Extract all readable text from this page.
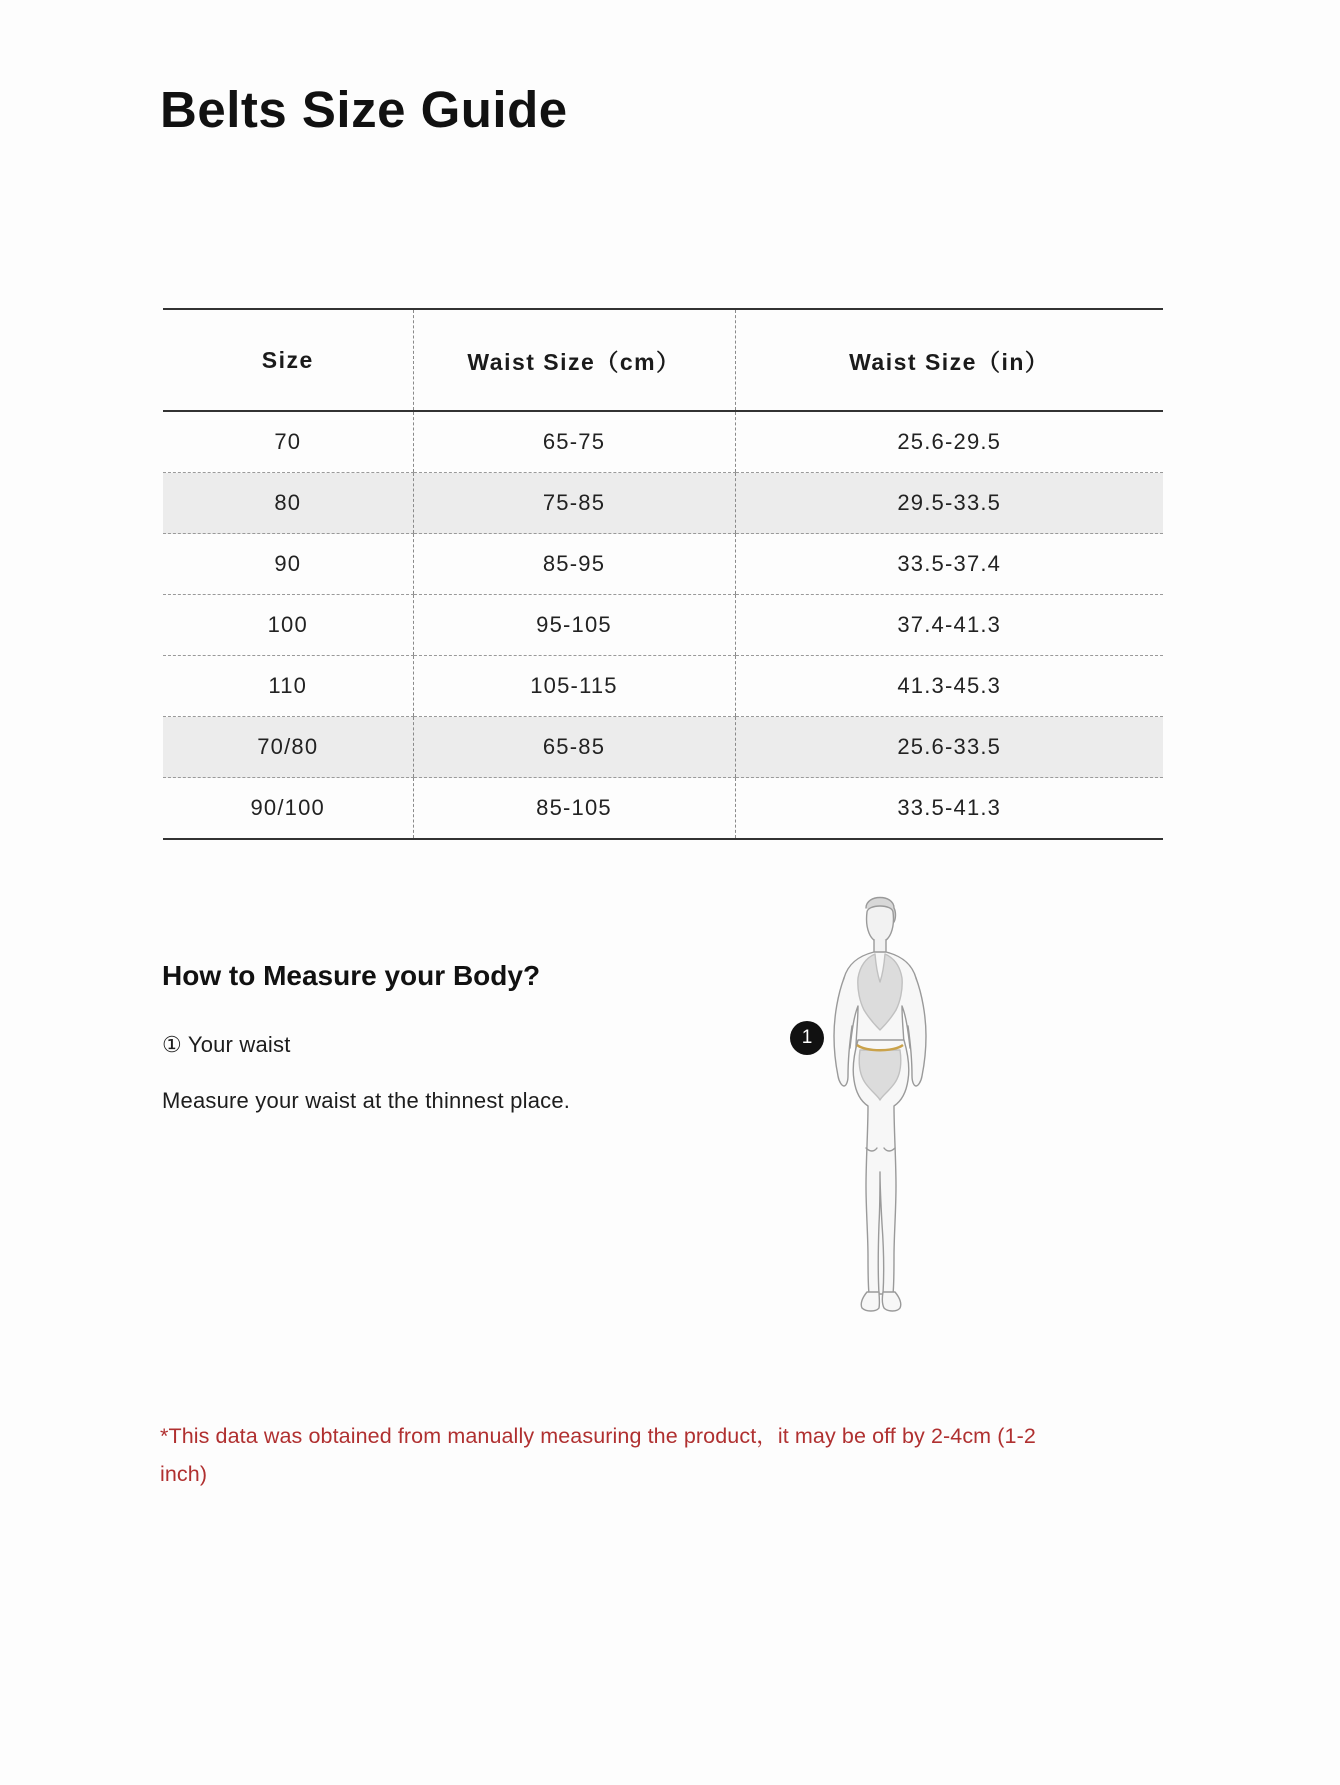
Belts Size Guide
Size	Waist Size（cm）	Waist Size（in）
70	65-75	25.6-29.5
80	75-85	29.5-33.5
90	85-95	33.5-37.4
100	95-105	37.4-41.3
110	105-115	41.3-45.3
70/80	65-85	25.6-33.5
90/100	85-105	33.5-41.3
How to Measure your Body?
① Your waist
Measure your waist at the thinnest place.
1
*This data was obtained from manually measuring the product，it may be off by 2-4cm (1-2 inch)
